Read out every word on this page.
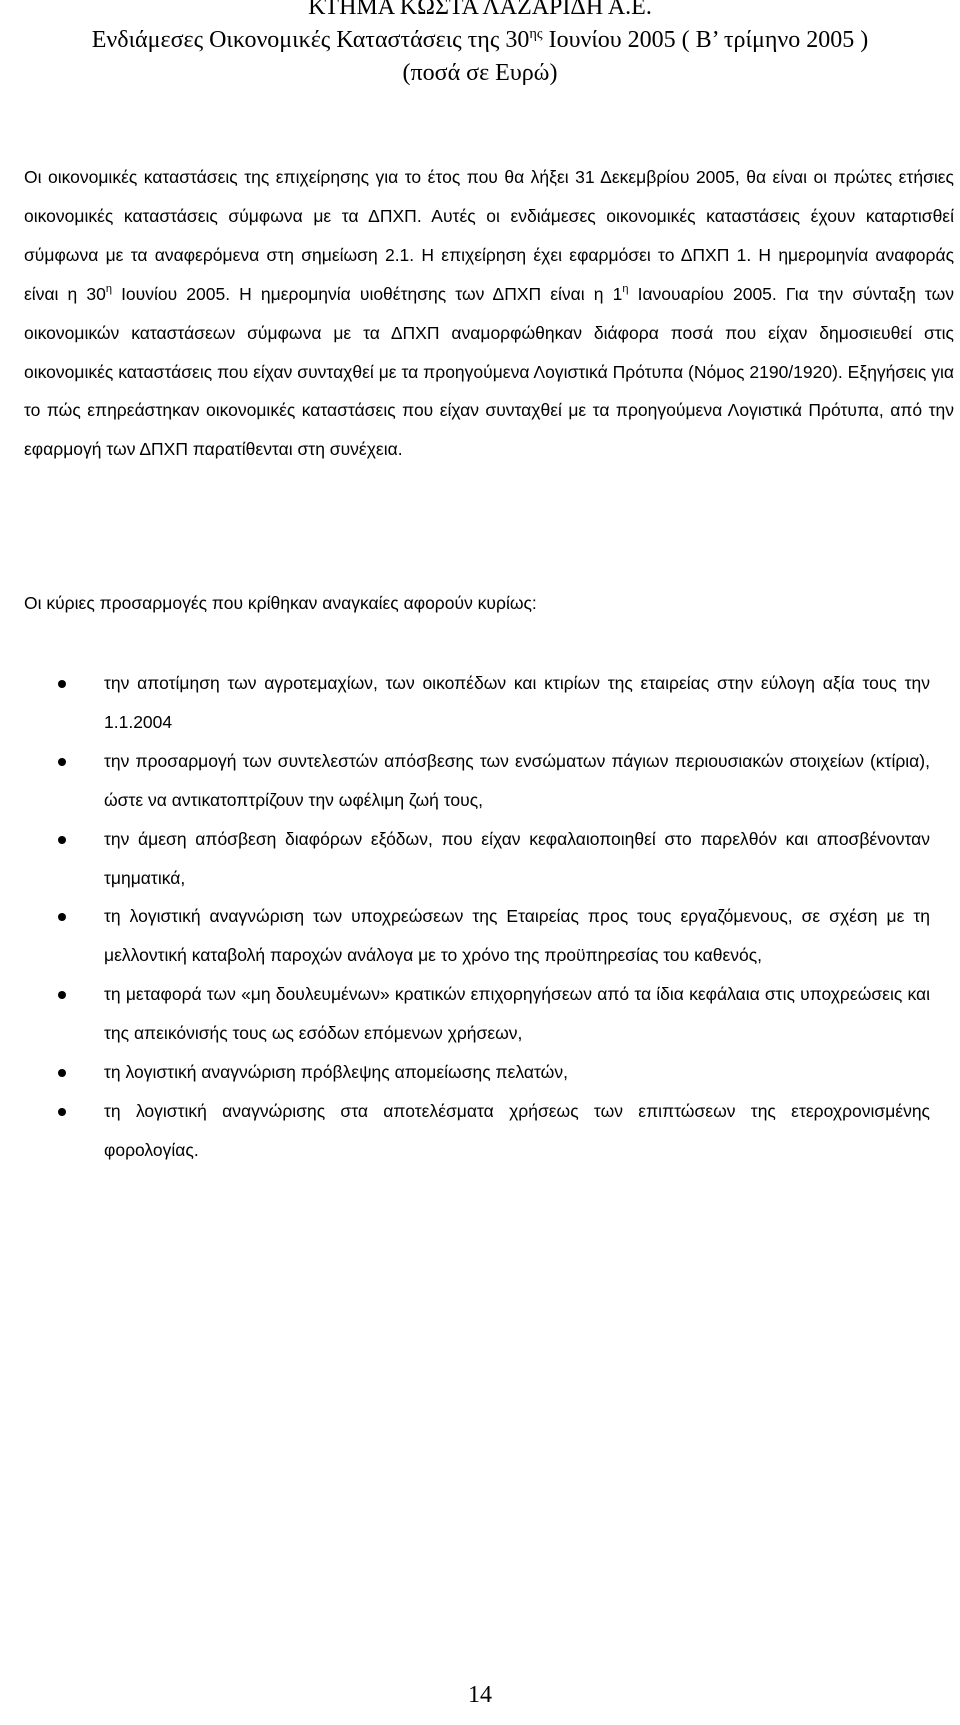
ΚΤΗΜΑ ΚΩΣΤΑ ΛΑΖΑΡΙΔΗ Α.Ε.
Ενδιάμεσες Οικονομικές Καταστάσεις της $30^{\eta\varsigma}$ Ιουνίου 2005 ( Β’ τρίμηνο 2005 )
(ποσά σε Ευρώ)

Οι οικονομικές καταστάσεις της επιχείρησης για το έτος που θα λήξει 31 Δεκεμβρίου 2005, θα είναι οι πρώτες ετήσιες οικονομικές καταστάσεις σύμφωνα με τα ΔΠΧΠ. Αυτές οι ενδιάμεσες οικονομικές καταστάσεις έχουν καταρτισθεί σύμφωνα με τα αναφερόμενα στη σημείωση 2.1. Η επιχείρηση έχει εφαρμόσει το ΔΠΧΠ 1. Η ημερομηνία αναφοράς είναι η $30^\eta$ Ιουνίου 2005. Η ημερομηνία υιοθέτησης των ΔΠΧΠ είναι η $1^\eta$ Ιανουαρίου 2005. Για την σύνταξη των οικονομικών καταστάσεων σύμφωνα με τα ΔΠΧΠ αναμορφώθηκαν διάφορα ποσά που είχαν δημοσιευθεί στις οικονομικές καταστάσεις που είχαν συνταχθεί με τα προηγούμενα Λογιστικά Πρότυπα (Νόμος 2190/1920). Εξηγήσεις για το πώς επηρεάστηκαν οικονομικές καταστάσεις που είχαν συνταχθεί με τα προηγούμενα Λογιστικά Πρότυπα, από την εφαρμογή των ΔΠΧΠ παρατίθενται στη συνέχεια.

Οι κύριες προσαρμογές που κρίθηκαν αναγκαίες αφορούν κυρίως:

την αποτίμηση των αγροτεμαχίων, των οικοπέδων και κτιρίων της εταιρείας στην εύλογη αξία τους την 1.1.2004
την προσαρμογή των συντελεστών απόσβεσης των ενσώματων πάγιων περιουσιακών στοιχείων (κτίρια), ώστε να αντικατοπτρίζουν την ωφέλιμη ζωή τους,
την άμεση απόσβεση διαφόρων εξόδων, που είχαν κεφαλαιοποιηθεί στο παρελθόν και αποσβένονταν τμηματικά,
τη λογιστική αναγνώριση των υποχρεώσεων της Εταιρείας προς τους εργαζόμενους, σε σχέση με τη μελλοντική καταβολή παροχών ανάλογα με το χρόνο της προϋπηρεσίας του καθενός,
τη μεταφορά των «μη δουλευμένων» κρατικών επιχορηγήσεων από τα ίδια κεφάλαια στις υποχρεώσεις και της απεικόνισής τους ως εσόδων επόμενων χρήσεων,
τη λογιστική αναγνώριση πρόβλεψης απομείωσης πελατών,
τη λογιστική αναγνώρισης στα αποτελέσματα χρήσεως των επιπτώσεων της ετεροχρονισμένης φορολογίας.
14
